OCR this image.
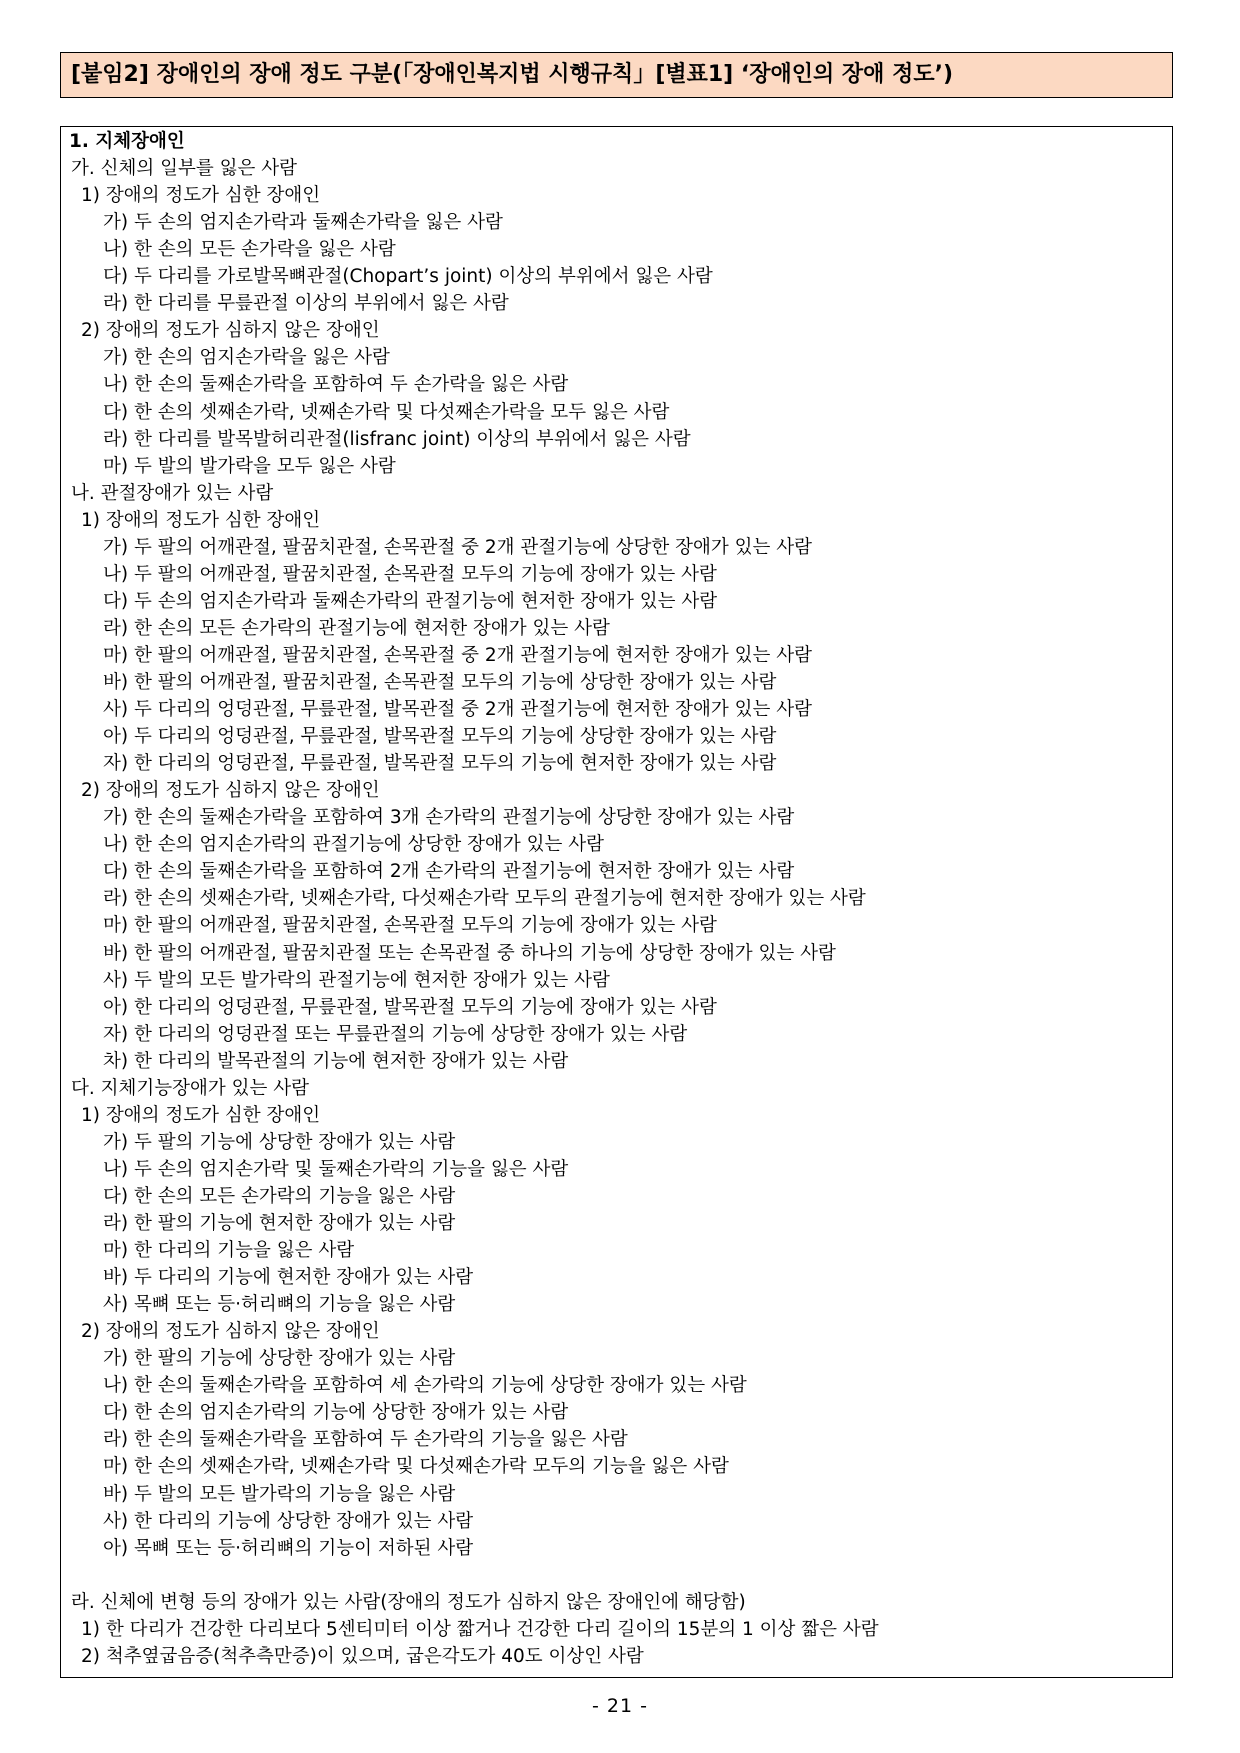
[붙임2] 장애인의 장애 정도 구분(「장애인복지법 시행규칙」[별표1] ‘장애인의 장애 정도’)
1. 지체장애인
가. 신체의 일부를 잃은 사람
1) 장애의 정도가 심한 장애인
가) 두 손의 엄지손가락과 둘째손가락을 잃은 사람
나) 한 손의 모든 손가락을 잃은 사람
다) 두 다리를 가로발목뼈관절(Chopart’s joint) 이상의 부위에서 잃은 사람
라) 한 다리를 무릎관절 이상의 부위에서 잃은 사람
2) 장애의 정도가 심하지 않은 장애인
가) 한 손의 엄지손가락을 잃은 사람
나) 한 손의 둘째손가락을 포함하여 두 손가락을 잃은 사람
다) 한 손의 셋째손가락, 넷째손가락 및 다섯째손가락을 모두 잃은 사람
라) 한 다리를 발목발허리관절(lisfranc joint) 이상의 부위에서 잃은 사람
마) 두 발의 발가락을 모두 잃은 사람
나. 관절장애가 있는 사람
1) 장애의 정도가 심한 장애인
가) 두 팔의 어깨관절, 팔꿈치관절, 손목관절 중 2개 관절기능에 상당한 장애가 있는 사람
나) 두 팔의 어깨관절, 팔꿈치관절, 손목관절 모두의 기능에 장애가 있는 사람
다) 두 손의 엄지손가락과 둘째손가락의 관절기능에 현저한 장애가 있는 사람
라) 한 손의 모든 손가락의 관절기능에 현저한 장애가 있는 사람
마) 한 팔의 어깨관절, 팔꿈치관절, 손목관절 중 2개 관절기능에 현저한 장애가 있는 사람
바) 한 팔의 어깨관절, 팔꿈치관절, 손목관절 모두의 기능에 상당한 장애가 있는 사람
사) 두 다리의 엉덩관절, 무릎관절, 발목관절 중 2개 관절기능에 현저한 장애가 있는 사람
아) 두 다리의 엉덩관절, 무릎관절, 발목관절 모두의 기능에 상당한 장애가 있는 사람
자) 한 다리의 엉덩관절, 무릎관절, 발목관절 모두의 기능에 현저한 장애가 있는 사람
2) 장애의 정도가 심하지 않은 장애인
가) 한 손의 둘째손가락을 포함하여 3개 손가락의 관절기능에 상당한 장애가 있는 사람
나) 한 손의 엄지손가락의 관절기능에 상당한 장애가 있는 사람
다) 한 손의 둘째손가락을 포함하여 2개 손가락의 관절기능에 현저한 장애가 있는 사람
라) 한 손의 셋째손가락, 넷째손가락, 다섯째손가락 모두의 관절기능에 현저한 장애가 있는 사람
마) 한 팔의 어깨관절, 팔꿈치관절, 손목관절 모두의 기능에 장애가 있는 사람
바) 한 팔의 어깨관절, 팔꿈치관절 또는 손목관절 중 하나의 기능에 상당한 장애가 있는 사람
사) 두 발의 모든 발가락의 관절기능에 현저한 장애가 있는 사람
아) 한 다리의 엉덩관절, 무릎관절, 발목관절 모두의 기능에 장애가 있는 사람
자) 한 다리의 엉덩관절 또는 무릎관절의 기능에 상당한 장애가 있는 사람
차) 한 다리의 발목관절의 기능에 현저한 장애가 있는 사람
다. 지체기능장애가 있는 사람
1) 장애의 정도가 심한 장애인
가) 두 팔의 기능에 상당한 장애가 있는 사람
나) 두 손의 엄지손가락 및 둘째손가락의 기능을 잃은 사람
다) 한 손의 모든 손가락의 기능을 잃은 사람
라) 한 팔의 기능에 현저한 장애가 있는 사람
마) 한 다리의 기능을 잃은 사람
바) 두 다리의 기능에 현저한 장애가 있는 사람
사) 목뼈 또는 등·허리뼈의 기능을 잃은 사람
2) 장애의 정도가 심하지 않은 장애인
가) 한 팔의 기능에 상당한 장애가 있는 사람
나) 한 손의 둘째손가락을 포함하여 세 손가락의 기능에 상당한 장애가 있는 사람
다) 한 손의 엄지손가락의 기능에 상당한 장애가 있는 사람
라) 한 손의 둘째손가락을 포함하여 두 손가락의 기능을 잃은 사람
마) 한 손의 셋째손가락, 넷째손가락 및 다섯째손가락 모두의 기능을 잃은 사람
바) 두 발의 모든 발가락의 기능을 잃은 사람
사) 한 다리의 기능에 상당한 장애가 있는 사람
아) 목뼈 또는 등·허리뼈의 기능이 저하된 사람
라. 신체에 변형 등의 장애가 있는 사람(장애의 정도가 심하지 않은 장애인에 해당함)
1) 한 다리가 건강한 다리보다 5센티미터 이상 짧거나 건강한 다리 길이의 15분의 1 이상 짧은 사람
2) 척추옆굽음증(척추측만증)이 있으며, 굽은각도가 40도 이상인 사람
- 21 -
